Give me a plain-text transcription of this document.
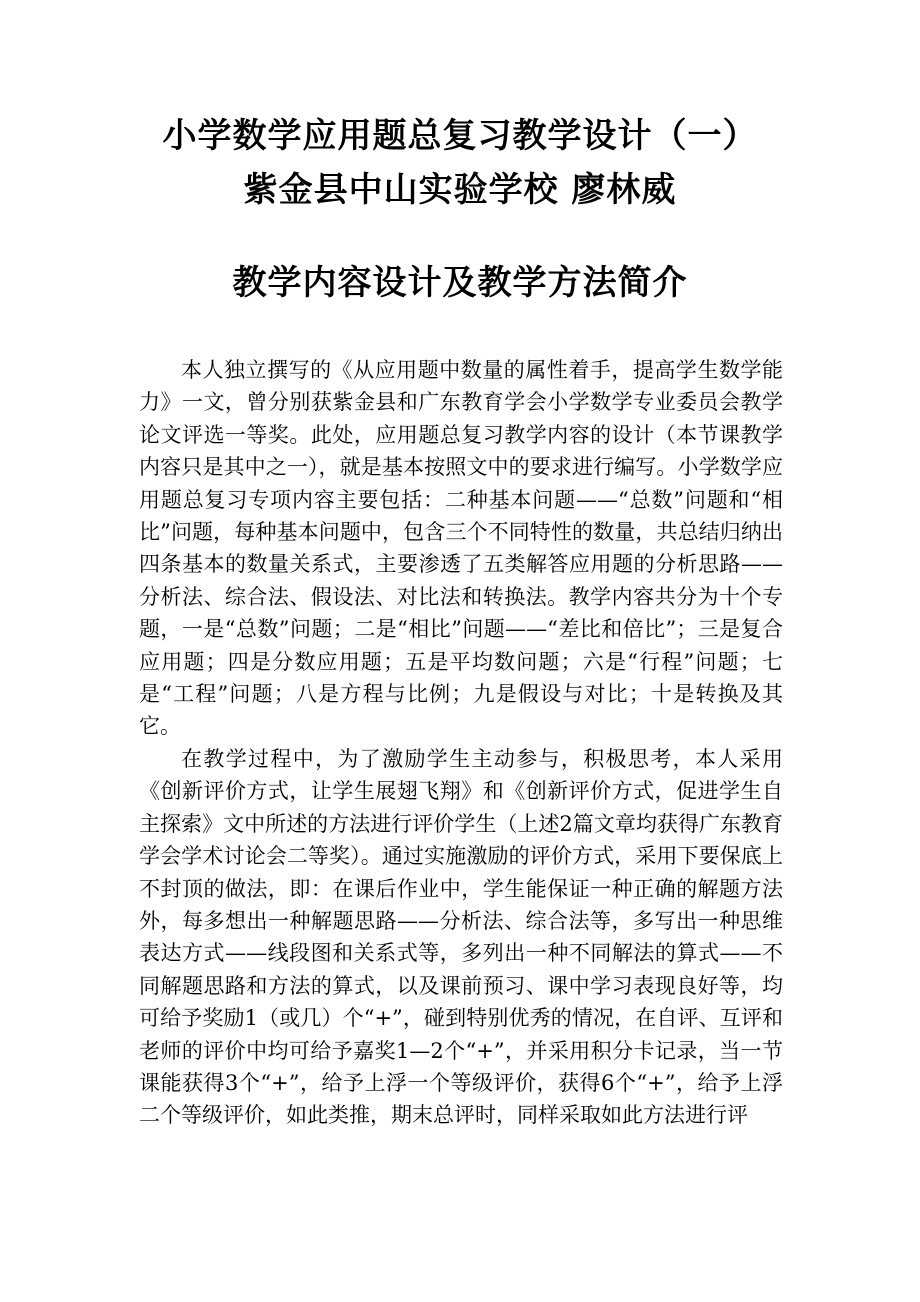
小学数学应用题总复习教学设计（一）
紫金县中山实验学校 廖林威
教学内容设计及教学方法简介

本人独立撰写的《从应用题中数量的属性着手，提高学生数学能力》一文，曾分别获紫金县和广东教育学会小学数学专业委员会教学论文评选一等奖。此处，应用题总复习教学内容的设计（本节课教学内容只是其中之一），就是基本按照文中的要求进行编写。小学数学应用题总复习专项内容主要包括：二种基本问题——“总数”问题和“相比”问题，每种基本问题中，包含三个不同特性的数量，共总结归纳出四条基本的数量关系式，主要渗透了五类解答应用题的分析思路——分析法、综合法、假设法、对比法和转换法。教学内容共分为十个专题，一是“总数”问题；二是“相比”问题——“差比和倍比”；三是复合应用题；四是分数应用题；五是平均数问题；六是“行程”问题；七是“工程”问题；八是方程与比例；九是假设与对比；十是转换及其它。

在教学过程中，为了激励学生主动参与，积极思考，本人采用《创新评价方式，让学生展翅飞翔》和《创新评价方式，促进学生自主探索》文中所述的方法进行评价学生（上述2篇文章均获得广东教育学会学术讨论会二等奖）。通过实施激励的评价方式，采用下要保底上不封顶的做法，即：在课后作业中，学生能保证一种正确的解题方法外，每多想出一种解题思路——分析法、综合法等，多写出一种思维表达方式——线段图和关系式等，多列出一种不同解法的算式——不同解题思路和方法的算式，以及课前预习、课中学习表现良好等，均可给予奖励1（或几）个“+”，碰到特别优秀的情况，在自评、互评和老师的评价中均可给予嘉奖1—2个“+”，并采用积分卡记录，当一节课能获得3个“+”，给予上浮一个等级评价，获得6个“+”，给予上浮二个等级评价，如此类推，期末总评时，同样采取如此方法进行评
